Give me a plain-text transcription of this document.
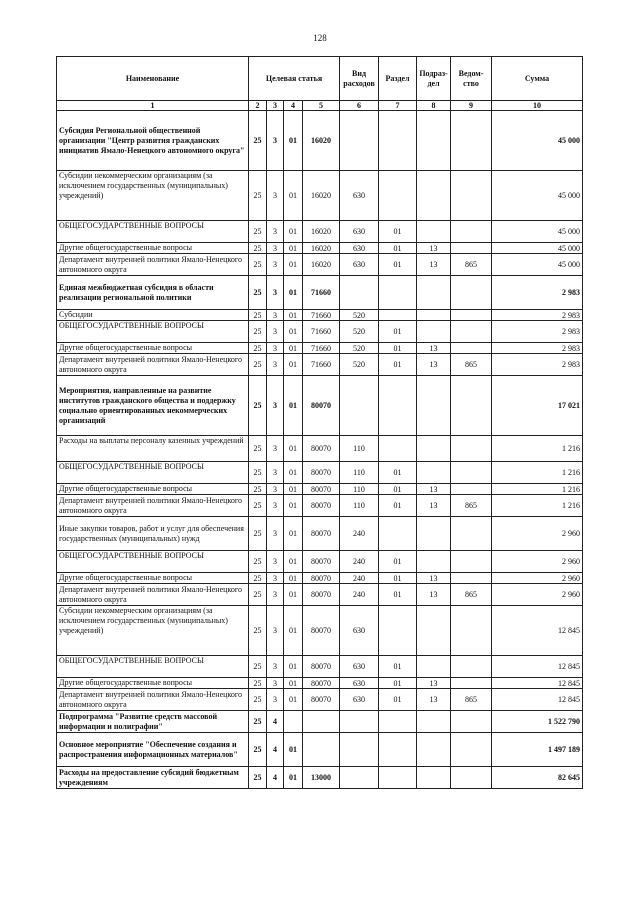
128
Наименование	Целевая статья				Вид расходов	Раздел	Подраз-дел	Ведом-ство	Сумма
1	2	3	4	5	6	7	8	9	10
Субсидия Региональной общественной организации "Центр развития гражданских инициатив Ямало-Ненецкого автономного округа"	25	3	01	16020					45 000
Субсидии некоммерческим организациям (за исключением государственных (муниципальных) учреждений)	25	3	01	16020	630				45 000
ОБЩЕГОСУДАРСТВЕННЫЕ ВОПРОСЫ	25	3	01	16020	630	01			45 000
Другие общегосударственные вопросы	25	3	01	16020	630	01	13		45 000
Департамент внутренней политики Ямало-Ненецкого автономного округа	25	3	01	16020	630	01	13	865	45 000
Единая межбюджетная субсидия в области реализации региональной политики	25	3	01	71660					2 983
Субсидии	25	3	01	71660	520				2 983
ОБЩЕГОСУДАРСТВЕННЫЕ ВОПРОСЫ	25	3	01	71660	520	01			2 983
Другие общегосударственные вопросы	25	3	01	71660	520	01	13		2 983
Департамент внутренней политики Ямало-Ненецкого автономного округа	25	3	01	71660	520	01	13	865	2 983
Мероприятия, направленные на развитие институтов гражданского общества и поддержку социально ориентированных некоммерческих организаций	25	3	01	80070					17 021
Расходы на выплаты персоналу казенных учреждений	25	3	01	80070	110				1 216
ОБЩЕГОСУДАРСТВЕННЫЕ ВОПРОСЫ	25	3	01	80070	110	01			1 216
Другие общегосударственные вопросы	25	3	01	80070	110	01	13		1 216
Департамент внутренней политики Ямало-Ненецкого автономного округа	25	3	01	80070	110	01	13	865	1 216
Иные закупки товаров, работ и услуг для обеспечения государственных (муниципальных) нужд	25	3	01	80070	240				2 960
ОБЩЕГОСУДАРСТВЕННЫЕ ВОПРОСЫ	25	3	01	80070	240	01			2 960
Другие общегосударственные вопросы	25	3	01	80070	240	01	13		2 960
Департамент внутренней политики Ямало-Ненецкого автономного округа	25	3	01	80070	240	01	13	865	2 960
Субсидии некоммерческим организациям (за исключением государственных (муниципальных) учреждений)	25	3	01	80070	630				12 845
ОБЩЕГОСУДАРСТВЕННЫЕ ВОПРОСЫ	25	3	01	80070	630	01			12 845
Другие общегосударственные вопросы	25	3	01	80070	630	01	13		12 845
Департамент внутренней политики Ямало-Ненецкого автономного округа	25	3	01	80070	630	01	13	865	12 845
Подпрограмма "Развитие средств массовой информации и полиграфии"	25	4							1 522 790
Основное мероприятие "Обеспечение создания и распространения информационных материалов"	25	4	01						1 497 189
Расходы на предоставление субсидий бюджетным учреждениям	25	4	01	13000					82 645
